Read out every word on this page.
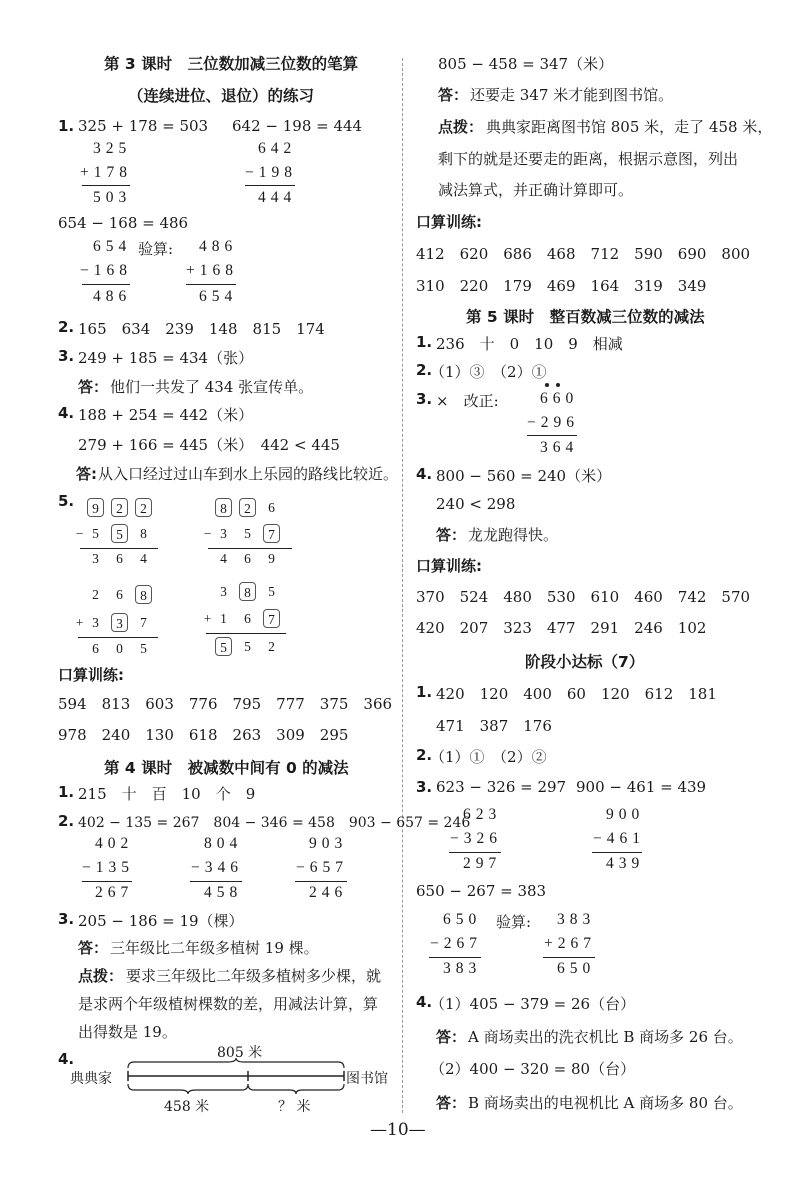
第 3 课时　三位数加减三位数的笔算
（连续进位、退位）的练习
1. 325 + 178 = 503 642 − 198 = 444
325
+178
503
642
−198
444
654 − 168 = 486
654
−168
486
验算: 486
+168
654
2. 165　634　239　148　815　174
3. 249 + 185 = 434（张）
答： 他们一共发了 434 张宣传单。
4. 188 + 254 = 442（米）
279 + 166 = 445（米）　442 < 445
答: 从入口经过过山车到水上乐园的路线比较近。
5.	9	2	2
− 5	5	8
3	6	4
8	2	6
− 3	5	7
4	6	9
2	6	8
+ 3	3	7
6	0	5
3	8	5
+ 1	6	7
5	5	2
口算训练:
594　813　603　776　795　777　375　366
978　240　130　618　263　309　295
第 4 课时　被减数中间有 0 的减法
1. 215　十　百　10　个　9
2. 402 − 135 = 267　804 − 346 = 458　903 − 657 = 246
402
−135
267
804
−346
458
903
−657
246
3. 205 − 186 = 19（棵）
答： 三年级比二年级多植树 19 棵。
点拨： 要求三年级比二年级多植树多少棵，就
是求两个年级植树棵数的差，用减法计算，算
出得数是 19。
4.	805 米
典典家	图书馆
458 米	？ 米
805 − 458 = 347（米）
答： 还要走 347 米才能到图书馆。
点拨： 典典家距离图书馆 805 米，走了 458 米，
剩下的就是还要走的距离，根据示意图，列出
减法算式，并正确计算即可。
口算训练:
412　620　686　468　712　590　690　800
310　220　179　469　164　319　349
第 5 课时　整百数减三位数的减法
1. 236　十　0　10　9　相减
2.
（1）③　（2）①
3. ×　改正:	660
−296
364
4. 800 − 560 = 240（米）
240 < 298
答： 龙龙跑得快。
口算训练:
370　524　480　530　610　460　742　570
420　207　323　477　291　246　102
阶段小达标（7）
1. 420　120　400　60　120　612　181
471　387　176
2.
（1）①　（2）②
3. 623 − 326 = 297 900 − 461 = 439
623
−326
297
900
−461
439
650 − 267 = 383
650
−267
383
验算: 383
+267
650
4.
（1）405 − 379 = 26（台）
答： A 商场卖出的洗衣机比 B 商场多 26 台。
（2）400 − 320 = 80（台）
答： B 商场卖出的电视机比 A 商场多 80 台。
—10—
